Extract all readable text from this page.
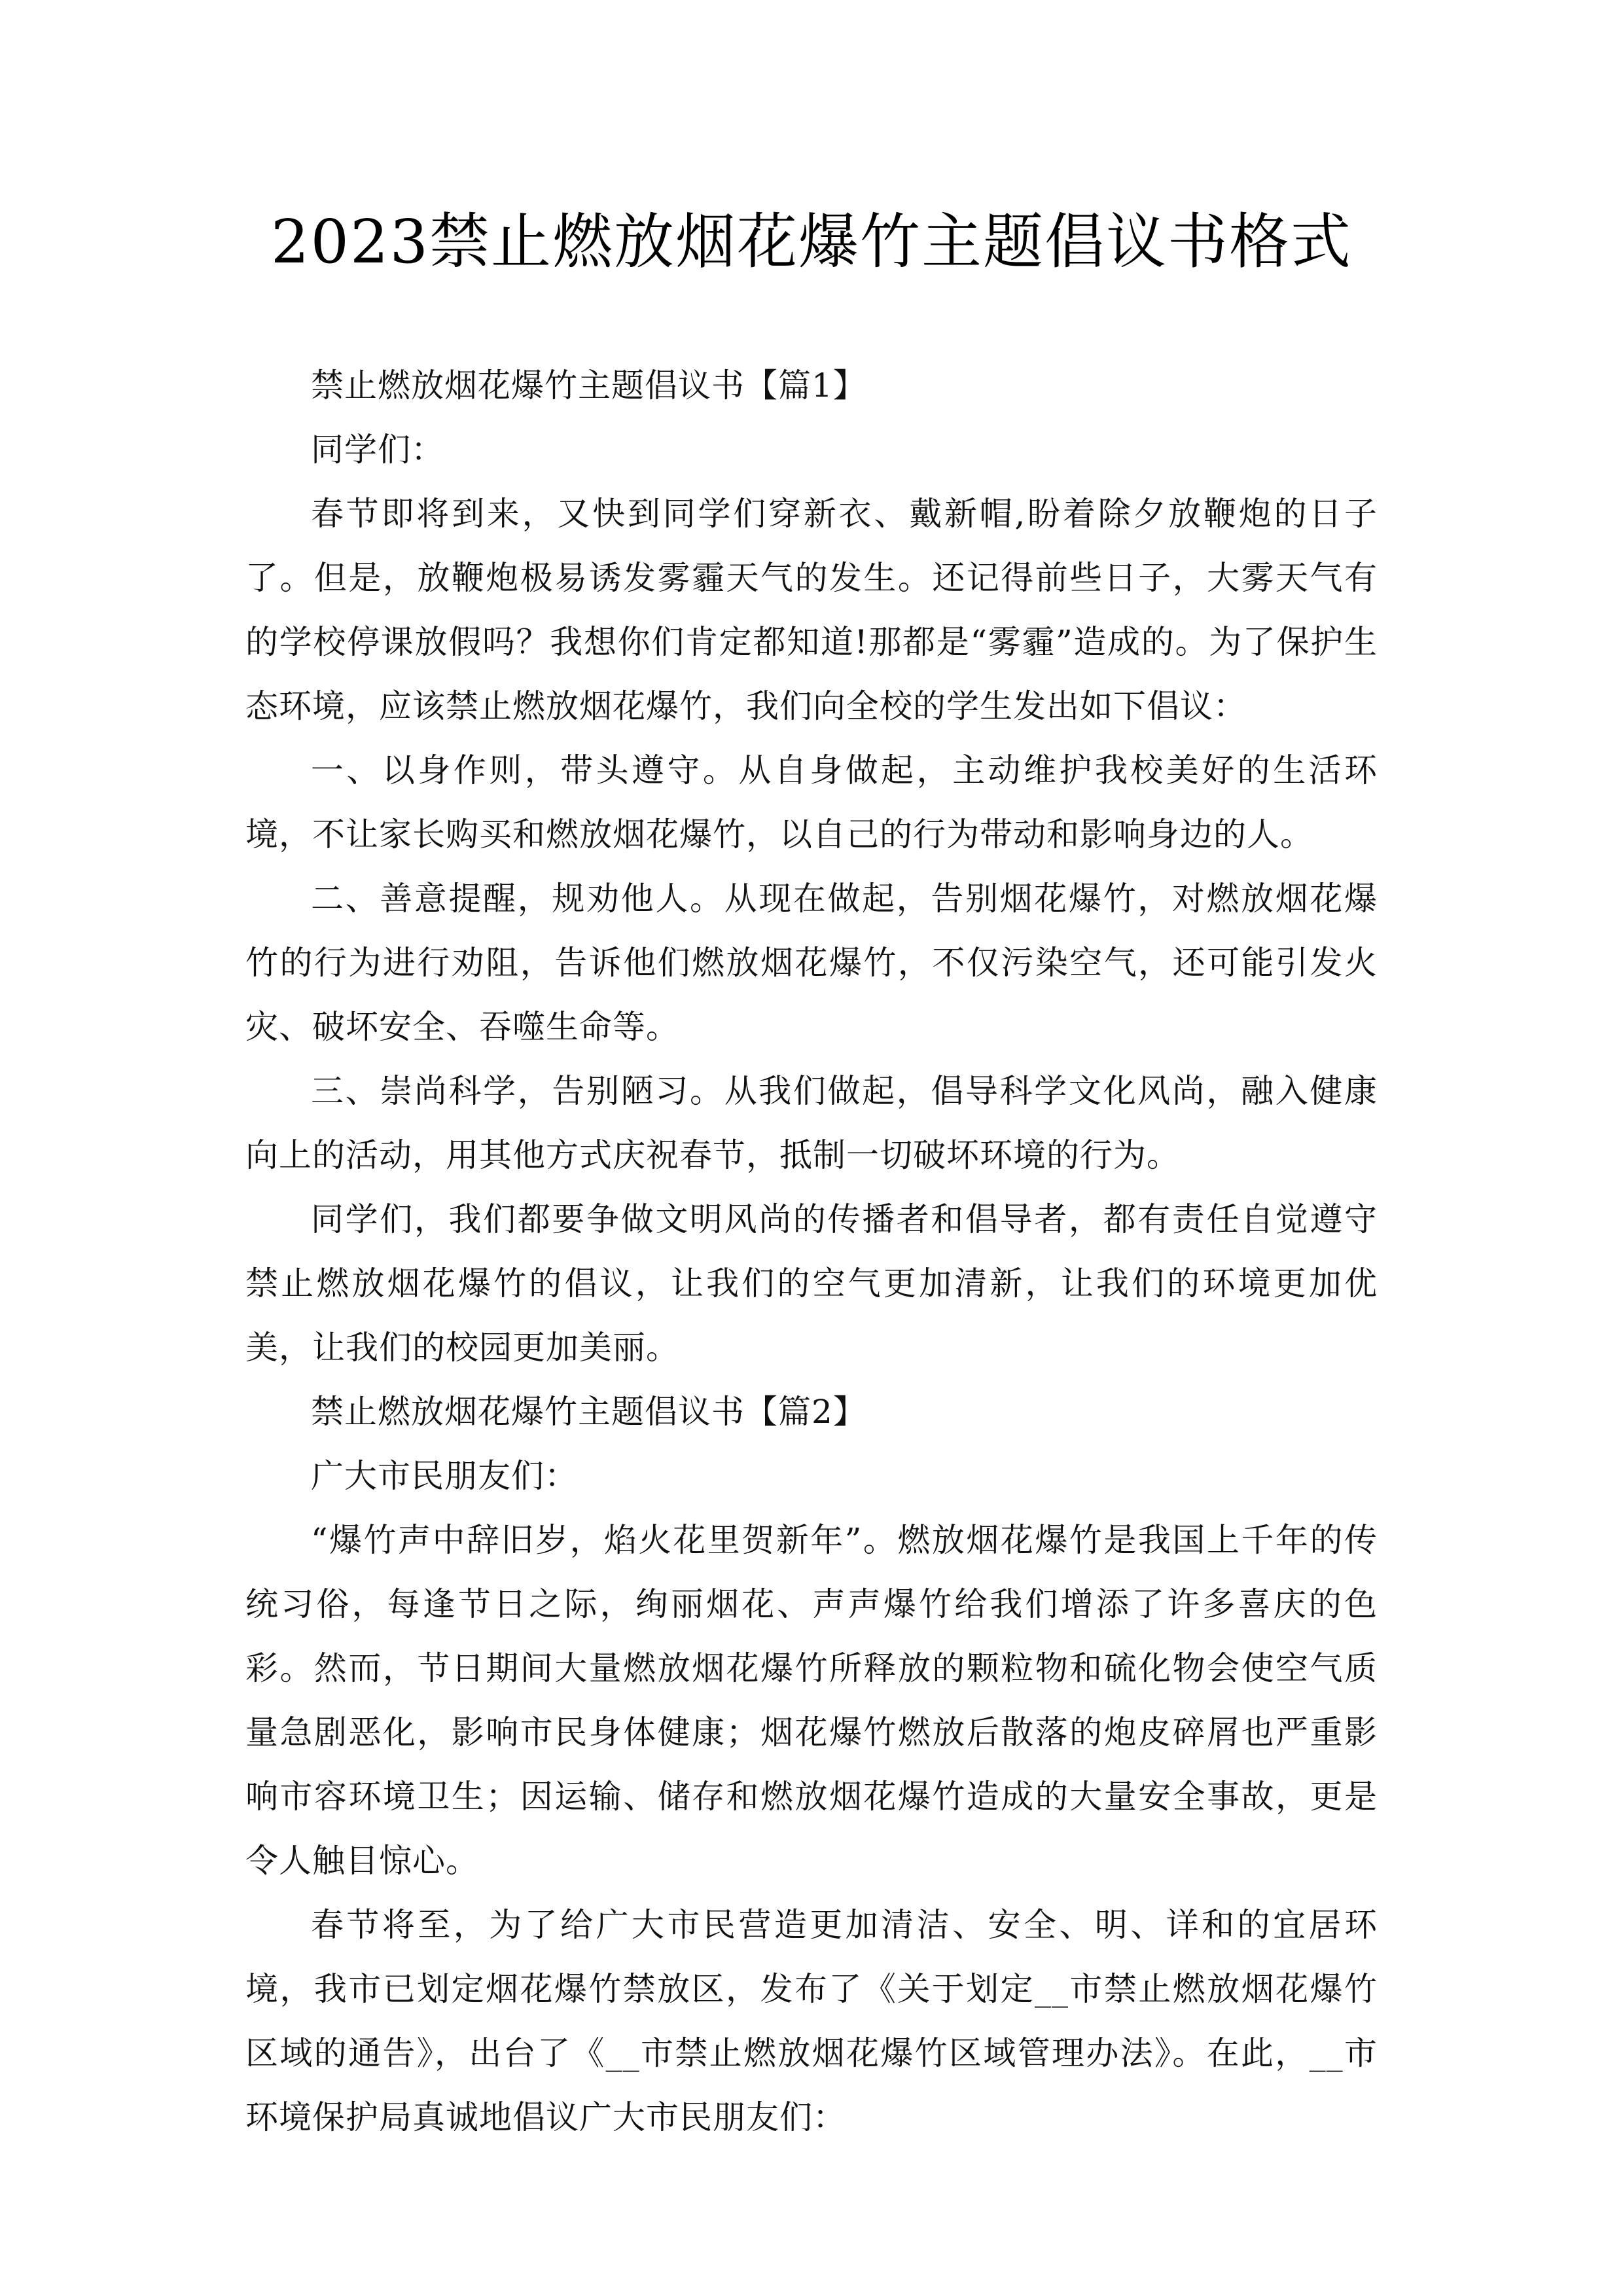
2023禁止燃放烟花爆竹主题倡议书格式

禁止燃放烟花爆竹主题倡议书【篇1】

同学们：

春节即将到来，又快到同学们穿新衣、戴新帽,盼着除夕放鞭炮的日子了。但是，放鞭炮极易诱发雾霾天气的发生。还记得前些日子，大雾天气有的学校停课放假吗？我想你们肯定都知道!那都是“雾霾”造成的。为了保护生态环境，应该禁止燃放烟花爆竹，我们向全校的学生发出如下倡议：

一、以身作则，带头遵守。从自身做起，主动维护我校美好的生活环境，不让家长购买和燃放烟花爆竹，以自己的行为带动和影响身边的人。

二、善意提醒，规劝他人。从现在做起，告别烟花爆竹，对燃放烟花爆竹的行为进行劝阻，告诉他们燃放烟花爆竹，不仅污染空气，还可能引发火灾、破坏安全、吞噬生命等。

三、崇尚科学，告别陋习。从我们做起，倡导科学文化风尚，融入健康向上的活动，用其他方式庆祝春节，抵制一切破坏环境的行为。

同学们，我们都要争做文明风尚的传播者和倡导者，都有责任自觉遵守禁止燃放烟花爆竹的倡议，让我们的空气更加清新，让我们的环境更加优美，让我们的校园更加美丽。

禁止燃放烟花爆竹主题倡议书【篇2】

广大市民朋友们：

“爆竹声中辞旧岁，焰火花里贺新年”。燃放烟花爆竹是我国上千年的传统习俗，每逢节日之际，绚丽烟花、声声爆竹给我们增添了许多喜庆的色彩。然而，节日期间大量燃放烟花爆竹所释放的颗粒物和硫化物会使空气质量急剧恶化，影响市民身体健康；烟花爆竹燃放后散落的炮皮碎屑也严重影响市容环境卫生；因运输、储存和燃放烟花爆竹造成的大量安全事故，更是令人触目惊心。

春节将至，为了给广大市民营造更加清洁、安全、明、详和的宜居环境，我市已划定烟花爆竹禁放区，发布了《关于划定__市禁止燃放烟花爆竹区域的通告》，出台了《__市禁止燃放烟花爆竹区域管理办法》。在此，__市环境保护局真诚地倡议广大市民朋友们：
